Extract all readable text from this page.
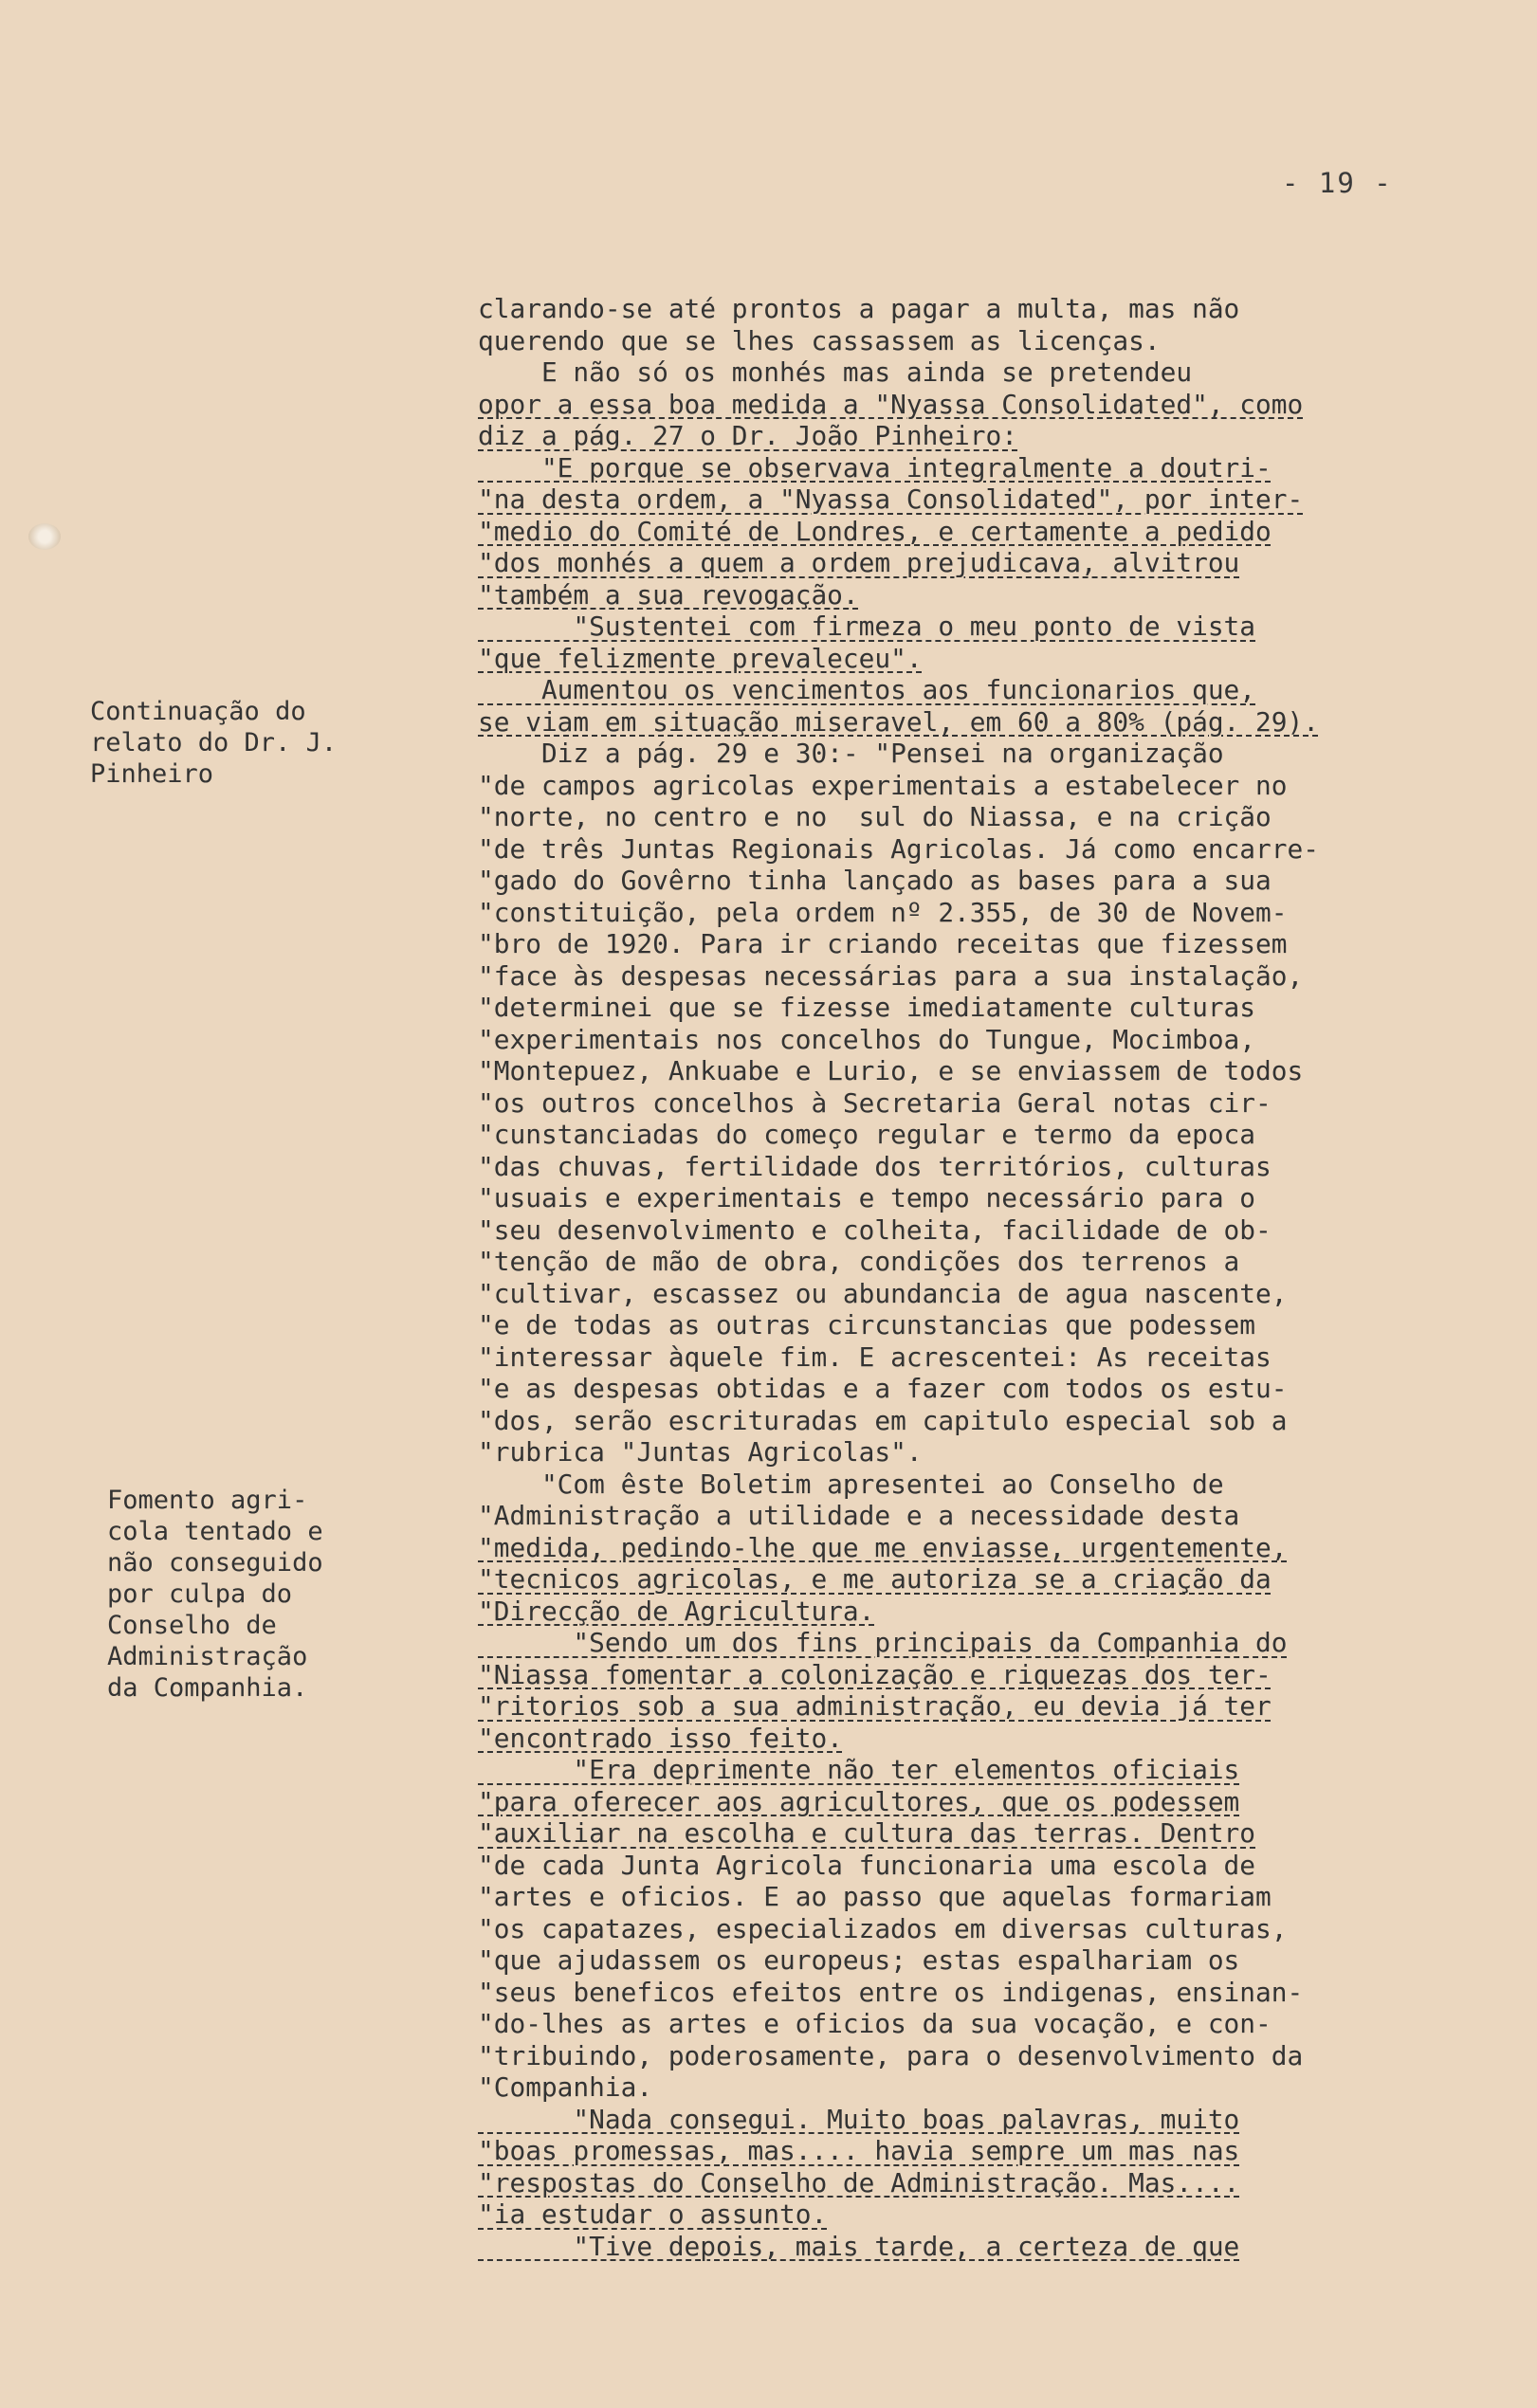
- 19 -
Continuação do
relato do Dr. J.
Pinheiro
Fomento agri-
cola tentado e
não conseguido
por culpa do
Conselho de
Administração
da Companhia.
clarando-se até prontos a pagar a multa, mas não
querendo que se lhes cassassem as licenças.
E não só os monhés mas ainda se pretendeu
opor a essa boa medida a "Nyassa Consolidated", como
diz a pág. 27 o Dr. João Pinheiro:
"E porque se observava integralmente a doutri-
"na desta ordem, a "Nyassa Consolidated", por inter-
"medio do Comité de Londres, e certamente a pedido
"dos monhés a quem a ordem prejudicava, alvitrou
"também a sua revogação.
"Sustentei com firmeza o meu ponto de vista
"que felizmente prevaleceu".
Aumentou os vencimentos aos funcionarios que,
se viam em situação miseravel, em 60 a 80% (pág. 29).
Diz a pág. 29 e 30:- "Pensei na organização
"de campos agricolas experimentais a estabelecer no
"norte, no centro e no  sul do Niassa, e na crição
"de três Juntas Regionais Agricolas. Já como encarre-
"gado do Govêrno tinha lançado as bases para a sua
"constituição, pela ordem nº 2.355, de 30 de Novem-
"bro de 1920. Para ir criando receitas que fizessem
"face às despesas necessárias para a sua instalação,
"determinei que se fizesse imediatamente culturas
"experimentais nos concelhos do Tungue, Mocimboa,
"Montepuez, Ankuabe e Lurio, e se enviassem de todos
"os outros concelhos à Secretaria Geral notas cir-
"cunstanciadas do começo regular e termo da epoca
"das chuvas, fertilidade dos territórios, culturas
"usuais e experimentais e tempo necessário para o
"seu desenvolvimento e colheita, facilidade de ob-
"tenção de mão de obra, condições dos terrenos a
"cultivar, escassez ou abundancia de agua nascente,
"e de todas as outras circunstancias que podessem
"interessar àquele fim. E acrescentei: As receitas
"e as despesas obtidas e a fazer com todos os estu-
"dos, serão escrituradas em capitulo especial sob a
"rubrica "Juntas Agricolas".
"Com êste Boletim apresentei ao Conselho de
"Administração a utilidade e a necessidade desta
"medida, pedindo-lhe que me enviasse, urgentemente,
"tecnicos agricolas, e me autoriza se a criação da
"Direcção de Agricultura.
"Sendo um dos fins principais da Companhia do
"Niassa fomentar a colonização e riquezas dos ter-
"ritorios sob a sua administração, eu devia já ter
"encontrado isso feito.
"Era deprimente não ter elementos oficiais
"para oferecer aos agricultores, que os podessem
"auxiliar na escolha e cultura das terras. Dentro
"de cada Junta Agricola funcionaria uma escola de
"artes e oficios. E ao passo que aquelas formariam
"os capatazes, especializados em diversas culturas,
"que ajudassem os europeus; estas espalhariam os
"seus beneficos efeitos entre os indigenas, ensinan-
"do-lhes as artes e oficios da sua vocação, e con-
"tribuindo, poderosamente, para o desenvolvimento da
"Companhia.
"Nada consegui. Muito boas palavras, muito
"boas promessas, mas.... havia sempre um mas nas
"respostas do Conselho de Administração. Mas....
"ia estudar o assunto.
"Tive depois, mais tarde, a certeza de que
